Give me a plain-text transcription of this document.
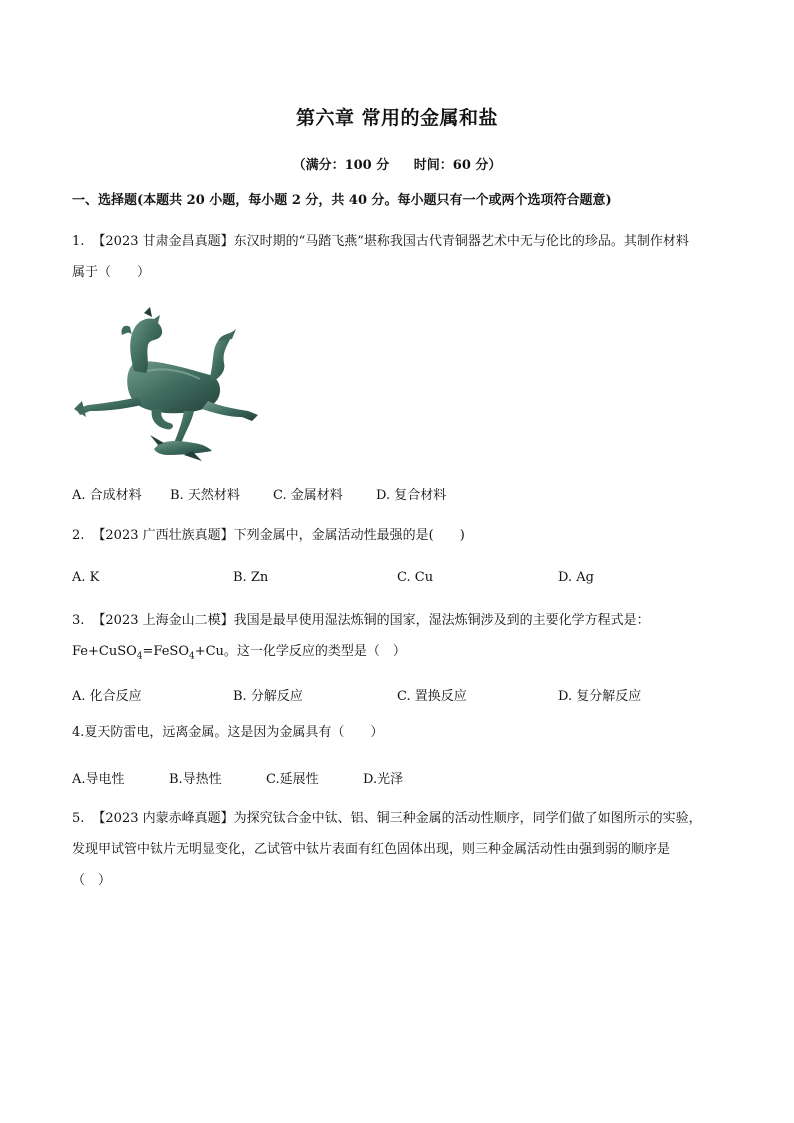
第六章 常用的金属和盐
（满分：100 分 时间：60 分）
一、选择题(本题共 20 小题，每小题 2 分，共 40 分。每小题只有一个或两个选项符合题意)
1. 【2023 甘肃金昌真题】东汉时期的“马踏飞燕”堪称我国古代青铜器艺术中无与伦比的珍品。其制作材料
属于（　　）
A. 合成材料 B. 天然材料	C. 金属材料	D. 复合材料
2. 【2023 广西壮族真题】下列金属中，金属活动性最强的是(　　)
A. K	B. Zn	C. Cu	D. Ag
3. 【2023 上海金山二模】我国是最早使用湿法炼铜的国家，湿法炼铜涉及到的主要化学方程式是：
Fe+CuSO$_4$=FeSO$_4$+Cu。这一化学反应的类型是（　）
A. 化合反应	B. 分解反应	C. 置换反应	D. 复分解反应
4.夏天防雷电，远离金属。这是因为金属具有（　　）
A.导电性	B.导热性	C.延展性	D.光泽
5. 【2023 内蒙赤峰真题】为探究钛合金中钛、铝、铜三种金属的活动性顺序，同学们做了如图所示的实验，
发现甲试管中钛片无明显变化，乙试管中钛片表面有红色固体出现，则三种金属活动性由强到弱的顺序是
（　）
